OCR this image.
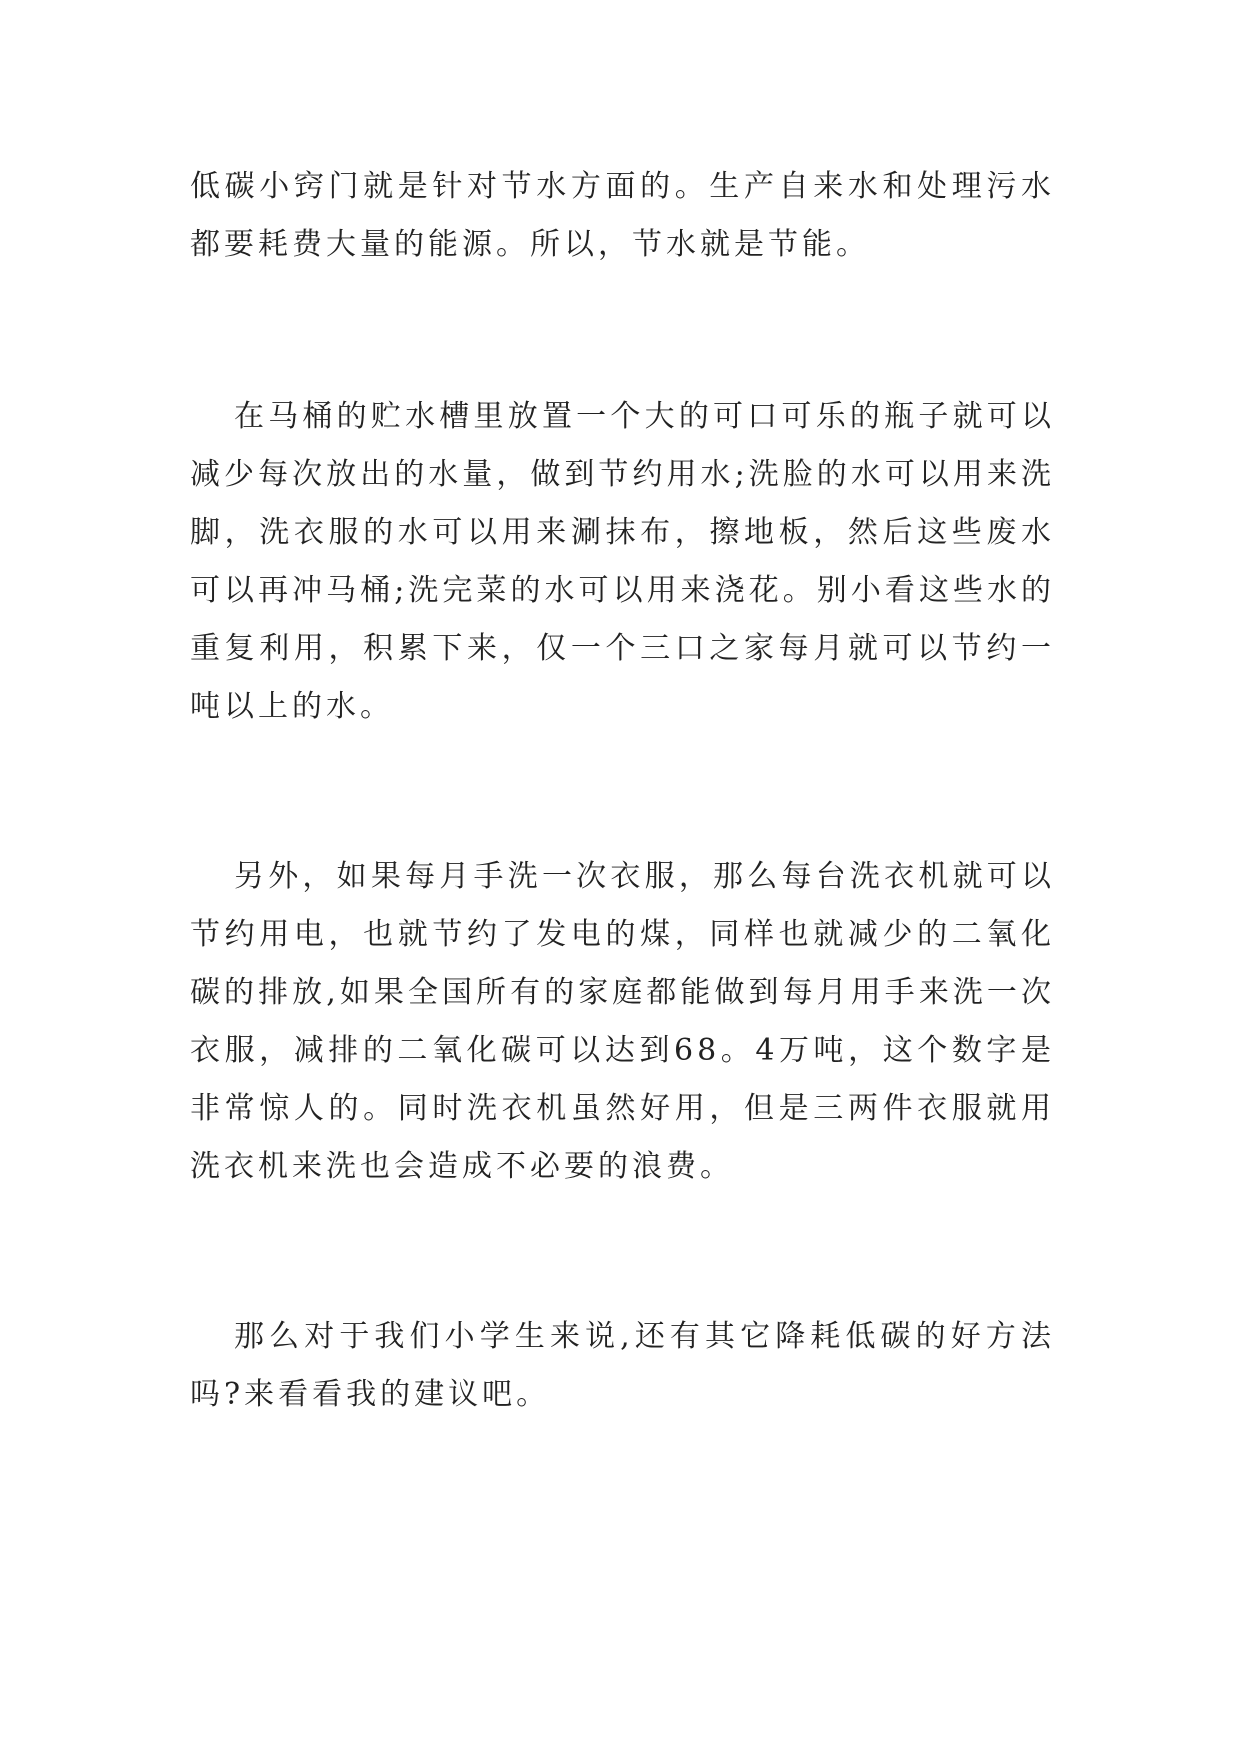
低碳小窍门就是针对节水方面的。生产自来水和处理污水都要耗费大量的能源。所以，节水就是节能。

在马桶的贮水槽里放置一个大的可口可乐的瓶子就可以减少每次放出的水量，做到节约用水;洗脸的水可以用来洗脚，洗衣服的水可以用来涮抹布，擦地板，然后这些废水可以再冲马桶;洗完菜的水可以用来浇花。别小看这些水的重复利用，积累下来，仅一个三口之家每月就可以节约一吨以上的水。

另外，如果每月手洗一次衣服，那么每台洗衣机就可以节约用电，也就节约了发电的煤，同样也就减少的二氧化碳的排放,如果全国所有的家庭都能做到每月用手来洗一次衣服，减排的二氧化碳可以达到68。4万吨，这个数字是非常惊人的。同时洗衣机虽然好用，但是三两件衣服就用洗衣机来洗也会造成不必要的浪费。

那么对于我们小学生来说,还有其它降耗低碳的好方法吗?来看看我的建议吧。
